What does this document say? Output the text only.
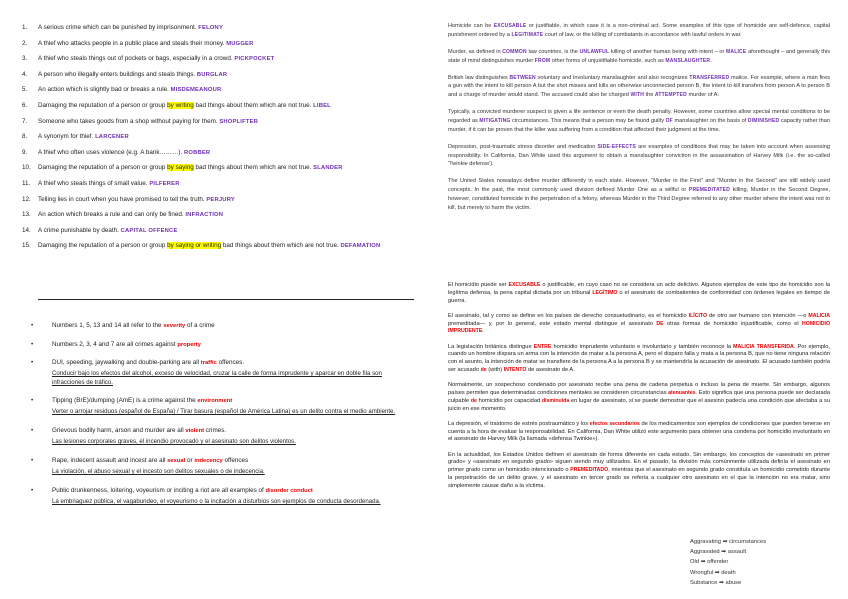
1.	A serious crime which can be punished by imprisonment. FELONY
2.	A thief who attacks people in a public place and steals their money. MUGGER
3.	A thief who steals things out of pockets or bags, especially in a crowd. PICKPOCKET
4.	A person who illegally enters buildings and steals things. BURGLAR
5.	An action which is slightly bad or breaks a rule. MISDEMEANOUR
6.	Damaging the reputation of a person or group by writing bad things about them which are not true. LIBEL
7.	Someone who takes goods from a shop without paying for them. SHOPLIFTER
8.	A synonym for thief. LARCENER
9.	A thief who often uses violence (e.g. A bank………). ROBBER
10.	Damaging the reputation of a person or group by saying bad things about them which are not true. SLANDER
11.	A thief who steals things of small value. PILFERER
12.	Telling lies in court when you have promised to tell the truth. PERJURY
13.	An action which breaks a rule and can only be fined. INFRACTION
14.	A crime punishable by death. CAPITAL OFFENCE
15.	Damaging the reputation of a person or group by saying or writing bad things about them which are not true. DEFAMATION
• Numbers 1, 5, 13 and 14 all refer to the severity of a crime
• Numbers 2, 3, 4 and 7 are all crimes against property
• DUI, speeding, jaywalking and double-parking are all traffic offences.
Conducir bajo los efectos del alcohol, exceso de velocidad, cruzar la calle de forma imprudente y aparcar en doble fila son infracciones de tráfico.
• Tipping (BrE)/dumping (AmE) is a crime against the environment
Verter o arrojar residuos (español de España) / Tirar basura (español de América Latina) es un delito contra el medio ambiente.
• Grievous bodily harm, arson and murder are all violent crimes.
Las lesiones corporales graves, el incendio provocado y el asesinato son delitos violentos.
• Rape, indecent assault and incest are all sexual or indecency offences
La violación, el abuso sexual y el incesto son delitos sexuales o de indecencia.
• Public drunkenness, loitering, voyeurism or inciting a riot are all examples of disorder conduct
La embriaguez pública, el vagabundeo, el voyeurismo o la incitación a disturbios son ejemplos de conducta desordenada.

Homicide can be EXCUSABLE or justifiable, in which case it is a non-criminal act. Some examples of this type of homicide are self-defence, capital punishment ordered by a LEGITIMATE court of law, or the killing of combatants in accordance with lawful orders in war.

Murder, as defined in COMMON law countries, is the UNLAWFUL killing of another human being with intent – or MALICE aforethought – and generally this state of mind distinguishes murder FROM other forms of unjustifiable homicide, such as MANSLAUGHTER.

British law distinguishes BETWEEN voluntary and involuntary manslaughter and also recognizes TRANSFERRED malice. For example, where a man fires a gun with the intent to kill person A but the shot misses and kills an otherwise unconnected person B, the intent to kill transfers from person A to person B and a charge of murder would stand. The accused could also be charged WITH the ATTEMPTED murder of A.

Typically, a convicted murderer suspect is given a life sentence or even the death penalty. However, some countries allow special mental conditions to be regarded as MITIGATING circumstances. This means that a person may be found guilty OF manslaughter on the basis of DIMINISHED capacity rather than murder, if it can be proven that the killer was suffering from a condition that affected their judgment at the time.

Depression, post-traumatic stress disorder and medication SIDE-EFFECTS are examples of conditions that may be taken into account when assessing responsibility. In California, Dan White used this argument to obtain a manslaughter conviction in the assassination of Harvey Milk (i.e. the so-called 'Twinkie defense').

The United States nowadays define murder differently in each state. However, "Murder in the First" and "Murder in the Second" are still widely used concepts. In the past, the most commonly used division defined Murder One as a willful or PREMEDITATED killing, Murder in the Second Degree, however, constituted homicide in the perpetration of a felony, whereas Murder in the Third Degree referred to any other murder where the intent was not to kill, but merely to harm the victim.

El homicidio puede ser EXCUSABLE o justificable, en cuyo caso no se considera un acto delictivo. Algunos ejemplos de este tipo de homicidio son la legítima defensa, la pena capital dictada por un tribunal LEGÍTIMO o el asesinato de combatientes de conformidad con órdenes legales en tiempo de guerra.

El asesinato, tal y como se define en los países de derecho consuetudinario, es el homicidio ILÍCITO de otro ser humano con intención —o MALICIA premeditada— y, por lo general, este estado mental distingue el asesinato DE otras formas de homicidio injustificable, como el HOMICIDIO IMPRUDENTE.

La legislación británica distingue ENTRE homicidio imprudente voluntario e involuntario y también reconoce la MALICIA TRANSFERIDA. Por ejemplo, cuando un hombre dispara un arma con la intención de matar a la persona A, pero el disparo falla y mata a la persona B, que no tiene ninguna relación con el asunto, la intención de matar se transfiere de la persona A a la persona B y se mantendría la acusación de asesinato. El acusado también podría ser acusado de (with) INTENTO de asesinato de A.

Normalmente, un sospechoso condenado por asesinato recibe una pena de cadena perpetua o incluso la pena de muerte. Sin embargo, algunos países permiten que determinadas condiciones mentales se consideren circunstancias atenuantes. Esto significa que una persona puede ser declarada culpable de homicidio por capacidad disminuida en lugar de asesinato, si se puede demostrar que el asesino padecía una condición que afectaba a su juicio en ese momento.

La depresión, el trastorno de estrés postraumático y los efectos secundarios de los medicamentos son ejemplos de condiciones que pueden tenerse en cuenta a la hora de evaluar la responsabilidad. En California, Dan White utilizó este argumento para obtener una condena por homicidio involuntario en el asesinato de Harvey Milk (la llamada «defensa Twinkie»).

En la actualidad, los Estados Unidos definen el asesinato de forma diferente en cada estado. Sin embargo, los conceptos de «asesinato en primer grado» y «asesinato en segundo grado» siguen siendo muy utilizados. En el pasado, la división más comúnmente utilizada definía el asesinato en primer grado como un homicidio intencionado o PREMEDITADO, mientras que el asesinato en segundo grado constituía un homicidio cometido durante la perpetración de un delito grave, y el asesinato en tercer grado se refería a cualquier otro asesinato en el que la intención no era matar, sino simplemente causar daño a la víctima.

Aggravating ➡ circumstances
Aggravated ➡ assault
Old ➡ offender
Wrongful ➡ death
Substance ➡ abuse
